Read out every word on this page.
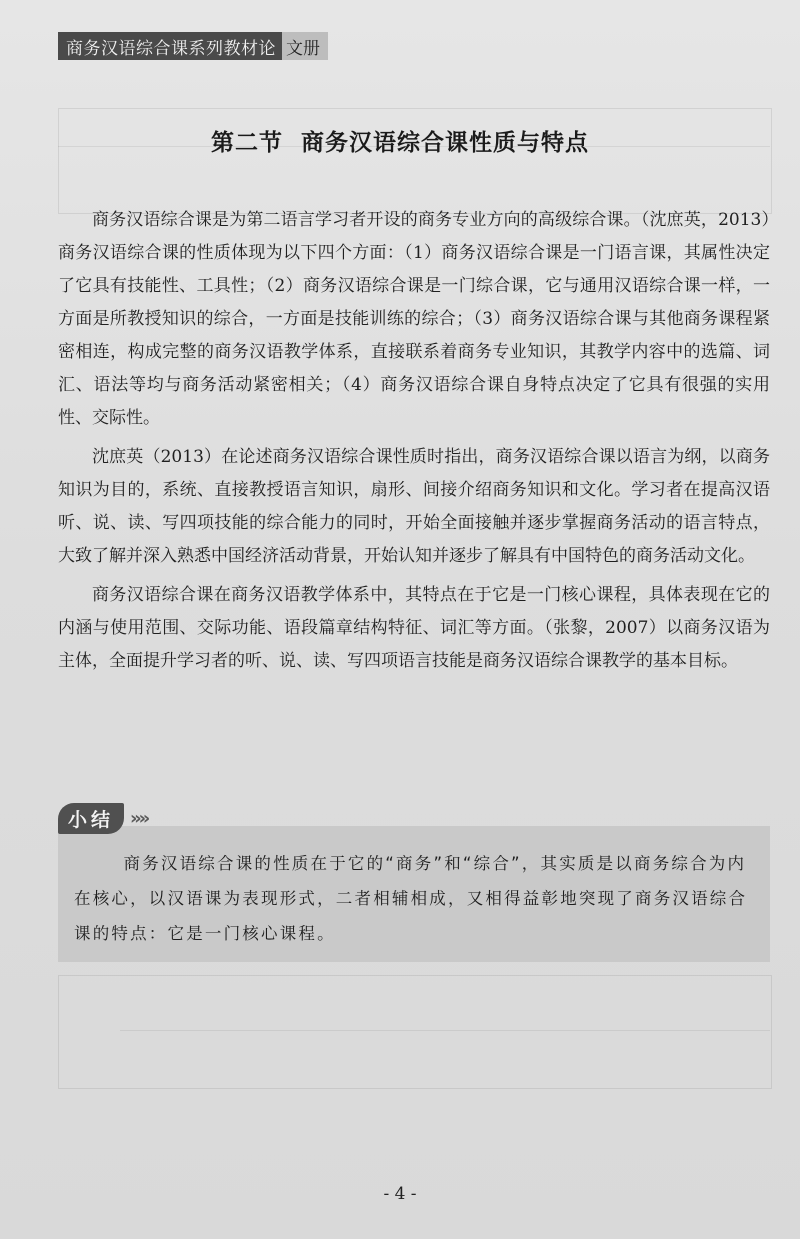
商务汉语综合课系列教材论 文册
第二节 商务汉语综合课性质与特点

商务汉语综合课是为第二语言学习者开设的商务专业方向的高级综合课。（沈庶英，2013）商务汉语综合课的性质体现为以下四个方面：（1）商务汉语综合课是一门语言课，其属性决定了它具有技能性、工具性；（2）商务汉语综合课是一门综合课，它与通用汉语综合课一样，一方面是所教授知识的综合，一方面是技能训练的综合；（3）商务汉语综合课与其他商务课程紧密相连，构成完整的商务汉语教学体系，直接联系着商务专业知识，其教学内容中的选篇、词汇、语法等均与商务活动紧密相关；（4）商务汉语综合课自身特点决定了它具有很强的实用性、交际性。

沈庶英（2013）在论述商务汉语综合课性质时指出，商务汉语综合课以语言为纲，以商务知识为目的，系统、直接教授语言知识，扇形、间接介绍商务知识和文化。学习者在提高汉语听、说、读、写四项技能的综合能力的同时，开始全面接触并逐步掌握商务活动的语言特点，大致了解并深入熟悉中国经济活动背景，开始认知并逐步了解具有中国特色的商务活动文化。

商务汉语综合课在商务汉语教学体系中，其特点在于它是一门核心课程，具体表现在它的内涵与使用范围、交际功能、语段篇章结构特征、词汇等方面。（张黎，2007）以商务汉语为主体，全面提升学习者的听、说、读、写四项语言技能是商务汉语综合课教学的基本目标。

小结 »»

商务汉语综合课的性质在于它的“商务”和“综合”，其实质是以商务综合为内在核心，以汉语课为表现形式，二者相辅相成，又相得益彰地突现了商务汉语综合课的特点：它是一门核心课程。

- 4 -
